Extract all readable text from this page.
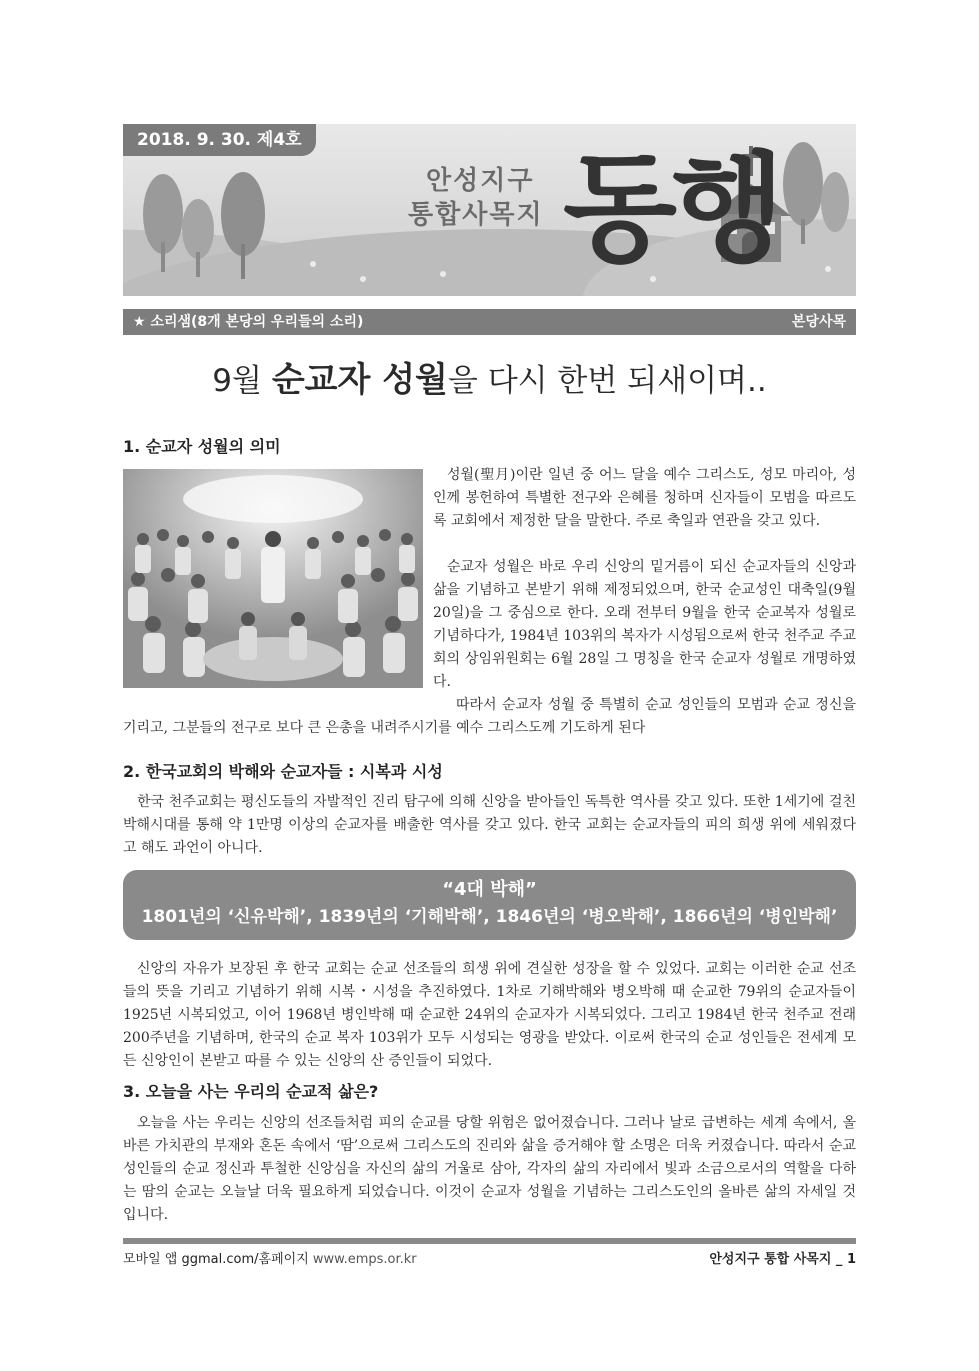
2018. 9. 30. 제4호
안성지구
통합사목지 동행
★ 소리샘(8개 본당의 우리들의 소리)	본당사목
9월 순교자 성월을 다시 한번 되새이며..
1. 순교자 성월의 의미
성월(聖月)이란 일년 중 어느 달을 예수 그리스도, 성모 마리아, 성인께 봉헌하여 특별한 전구와 은혜를 청하며 신자들이 모범을 따르도록 교회에서 제정한 달을 말한다. 주로 축일과 연관을 갖고 있다.
순교자 성월은 바로 우리 신앙의 밑거름이 되신 순교자들의 신앙과 삶을 기념하고 본받기 위해 제정되었으며, 한국 순교성인 대축일(9월 20일)을 그 중심으로 한다. 오래 전부터 9월을 한국 순교복자 성월로 기념하다가, 1984년 103위의 복자가 시성됨으로써 한국 천주교 주교회의 상임위원회는 6월 28일 그 명칭을 한국 순교자 성월로 개명하였다.
따라서 순교자 성월 중 특별히 순교 성인들의 모범과 순교 정신을 기리고, 그분들의 전구로 보다 큰 은총을 내려주시기를 예수 그리스도께 기도하게 된다
2. 한국교회의 박해와 순교자들 : 시복과 시성
한국 천주교회는 평신도들의 자발적인 진리 탐구에 의해 신앙을 받아들인 독특한 역사를 갖고 있다. 또한 1세기에 걸친 박해시대를 통해 약 1만명 이상의 순교자를 배출한 역사를 갖고 있다. 한국 교회는 순교자들의 피의 희생 위에 세워졌다고 해도 과언이 아니다.
“4대 박해”
1801년의 ‘신유박해’, 1839년의 ‘기해박해’, 1846년의 ‘병오박해’, 1866년의 ‘병인박해’
신앙의 자유가 보장된 후 한국 교회는 순교 선조들의 희생 위에 견실한 성장을 할 수 있었다. 교회는 이러한 순교 선조들의 뜻을 기리고 기념하기 위해 시복・시성을 추진하였다. 1차로 기해박해와 병오박해 때 순교한 79위의 순교자들이 1925년 시복되었고, 이어 1968년 병인박해 때 순교한 24위의 순교자가 시복되었다. 그리고 1984년 한국 천주교 전래 200주년을 기념하며, 한국의 순교 복자 103위가 모두 시성되는 영광을 받았다. 이로써 한국의 순교 성인들은 전세계 모든 신앙인이 본받고 따를 수 있는 신앙의 산 증인들이 되었다.
3. 오늘을 사는 우리의 순교적 삶은?
오늘을 사는 우리는 신앙의 선조들처럼 피의 순교를 당할 위험은 없어졌습니다. 그러나 날로 급변하는 세계 속에서, 올바른 가치관의 부재와 혼돈 속에서 ‘땀’으로써 그리스도의 진리와 삶을 증거해야 할 소명은 더욱 커졌습니다. 따라서 순교 성인들의 순교 정신과 투철한 신앙심을 자신의 삶의 거울로 삼아, 각자의 삶의 자리에서 빛과 소금으로서의 역할을 다하는 땀의 순교는 오늘날 더욱 필요하게 되었습니다. 이것이 순교자 성월을 기념하는 그리스도인의 올바른 삶의 자세일 것입니다.
모바일 앱 ggmal.com/홈페이지 www.emps.or.kr	안성지구 통합 사목지 _ 1
